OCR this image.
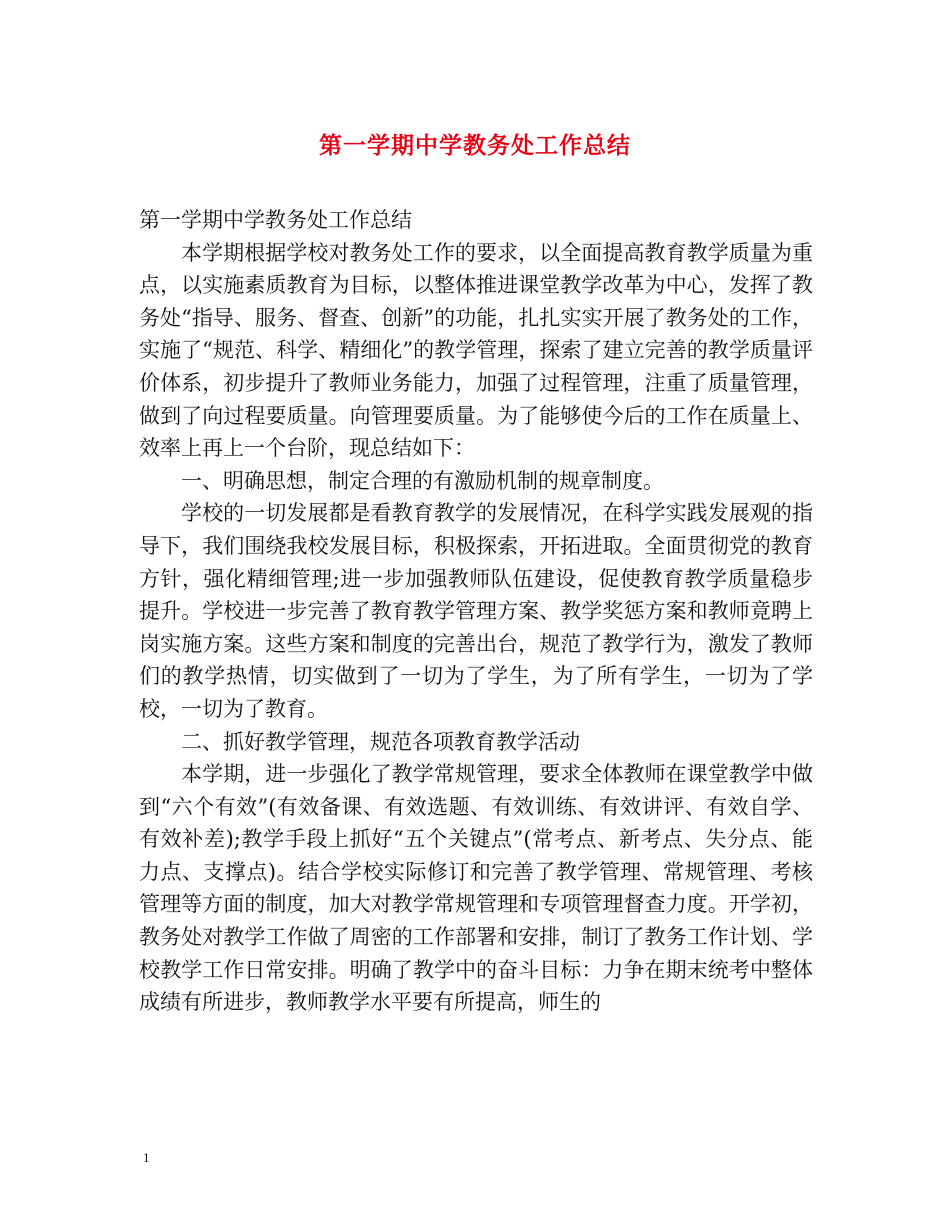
第一学期中学教务处工作总结

第一学期中学教务处工作总结

本学期根据学校对教务处工作的要求，以全面提高教育教学质量为重点，以实施素质教育为目标，以整体推进课堂教学改革为中心，发挥了教务处“指导、服务、督查、创新”的功能，扎扎实实开展了教务处的工作，实施了“规范、科学、精细化”的教学管理，探索了建立完善的教学质量评价体系，初步提升了教师业务能力，加强了过程管理，注重了质量管理，做到了向过程要质量。向管理要质量。为了能够使今后的工作在质量上、效率上再上一个台阶，现总结如下：

一、明确思想，制定合理的有激励机制的规章制度。

学校的一切发展都是看教育教学的发展情况，在科学实践发展观的指导下，我们围绕我校发展目标，积极探索，开拓进取。全面贯彻党的教育方针，强化精细管理;进一步加强教师队伍建设，促使教育教学质量稳步提升。学校进一步完善了教育教学管理方案、教学奖惩方案和教师竟聘上岗实施方案。这些方案和制度的完善出台，规范了教学行为，激发了教师们的教学热情，切实做到了一切为了学生，为了所有学生，一切为了学校，一切为了教育。

二、抓好教学管理，规范各项教育教学活动

本学期，进一步强化了教学常规管理，要求全体教师在课堂教学中做到“六个有效”(有效备课、有效选题、有效训练、有效讲评、有效自学、有效补差);教学手段上抓好“五个关键点”(常考点、新考点、失分点、能力点、支撑点)。结合学校实际修订和完善了教学管理、常规管理、考核管理等方面的制度，加大对教学常规管理和专项管理督查力度。开学初，教务处对教学工作做了周密的工作部署和安排，制订了教务工作计划、学校教学工作日常安排。明确了教学中的奋斗目标：力争在期末统考中整体成绩有所进步，教师教学水平要有所提高，师生的

1
